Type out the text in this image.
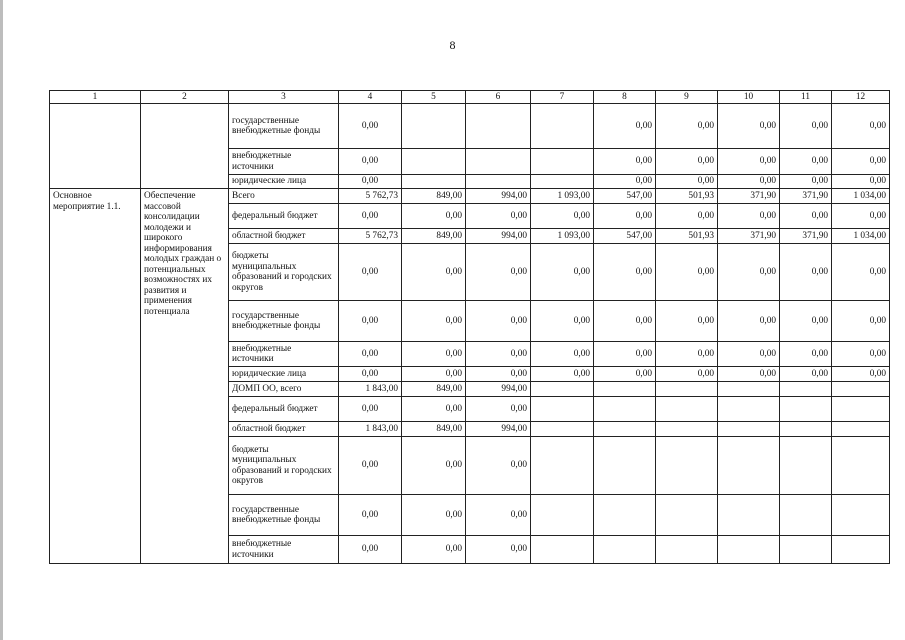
8
1	2	3	4	5	6	7	8	9	10	11	12
		государственные внебюджетные фонды	0,00				0,00	0,00	0,00	0,00	0,00
		внебюджетные источники	0,00				0,00	0,00	0,00	0,00	0,00
		юридические лица	0,00				0,00	0,00	0,00	0,00	0,00
Основное мероприятие 1.1.	Обеспечение массовой консолидации молодежи и широкого информирования молодых граждан о потенциальных возможностях их развития и применения потенциала	Всего	5 762,73	849,00	994,00	1 093,00	547,00	501,93	371,90	371,90	1 034,00
		федеральный бюджет	0,00	0,00	0,00	0,00	0,00	0,00	0,00	0,00	0,00
		областной бюджет	5 762,73	849,00	994,00	1 093,00	547,00	501,93	371,90	371,90	1 034,00
		бюджеты муниципальных образований и городских округов	0,00	0,00	0,00	0,00	0,00	0,00	0,00	0,00	0,00
		государственные внебюджетные фонды	0,00	0,00	0,00	0,00	0,00	0,00	0,00	0,00	0,00
		внебюджетные источники	0,00	0,00	0,00	0,00	0,00	0,00	0,00	0,00	0,00
		юридические лица	0,00	0,00	0,00	0,00	0,00	0,00	0,00	0,00	0,00
		ДОМП ОО, всего	1 843,00	849,00	994,00						
		федеральный бюджет	0,00	0,00	0,00						
		областной бюджет	1 843,00	849,00	994,00						
		бюджеты муниципальных образований и городских округов	0,00	0,00	0,00						
		государственные внебюджетные фонды	0,00	0,00	0,00						
		внебюджетные источники	0,00	0,00	0,00						
